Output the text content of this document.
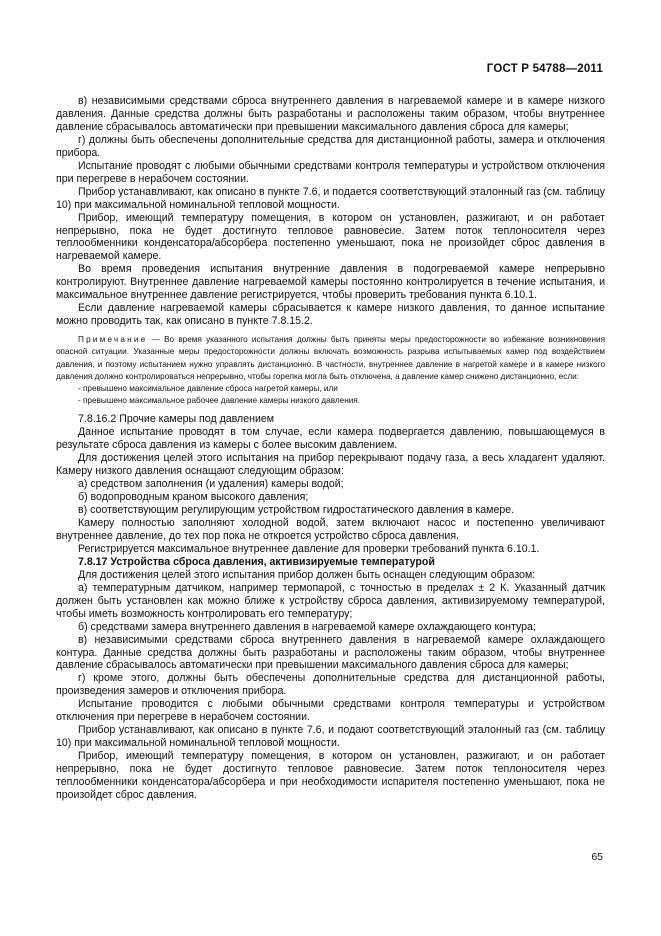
ГОСТ Р 54788—2011

в) независимыми средствами сброса внутреннего давления в нагреваемой камере и в камере низкого давления. Данные средства должны быть разработаны и расположены таким образом, чтобы внутреннее давление сбрасывалось автоматически при превышении максимального давления сброса для камеры;

г) должны быть обеспечены дополнительные средства для дистанционной работы, замера и отключения прибора.

Испытание проводят с любыми обычными средствами контроля температуры и устройством отключения при перегреве в нерабочем состоянии.

Прибор устанавливают, как описано в пункте 7.6, и подается соответствующий эталонный газ (см. таблицу 10) при максимальной номинальной тепловой мощности.

Прибор, имеющий температуру помещения, в котором он установлен, разжигают, и он работает непрерывно, пока не будет достигнуто тепловое равновесие. Затем поток теплоносителя через теплообменники конденсатора/абсорбера постепенно уменьшают, пока не произойдет сброс давления в нагреваемой камере.

Во время проведения испытания внутренние давления в подогреваемой камере непрерывно контролируют. Внутреннее давление нагреваемой камеры постоянно контролируется в течение испытания, и максимальное внутреннее давление регистрируется, чтобы проверить требования пункта 6.10.1.

Если давление нагреваемой камеры сбрасывается к камере низкого давления, то данное испытание можно проводить так, как описано в пункте 7.8.15.2.

Примечание — Во время указанного испытания должны быть приняты меры предосторожности во избежание возникновения опасной ситуации. Указанные меры предосторожности должны включать возможность разрыва испытываемых камер под воздействием давления, и поэтому испытанием нужно управлять дистанционно. В частности, внутреннее давление в нагретой камере и в камере низкого давления должно контролироваться непрерывно, чтобы горелка могла быть отключена, а давление камер снижено дистанционно, если:

- превышено максимальное давление сброса нагретой камеры, или

- превышено максимальное рабочее давление камеры низкого давления.

7.8.16.2 Прочие камеры под давлением

Данное испытание проводят в том случае, если камера подвергается давлению, повышающемуся в результате сброса давления из камеры с более высоким давлением.

Для достижения целей этого испытания на прибор перекрывают подачу газа, а весь хладагент удаляют. Камеру низкого давления оснащают следующим образом:

а) средством заполнения (и удаления) камеры водой;

б) водопроводным краном высокого давления;

в) соответствующим регулирующим устройством гидростатического давления в камере.

Камеру полностью заполняют холодной водой, затем включают насос и постепенно увеличивают внутреннее давление, до тех пор пока не откроется устройство сброса давления.

Регистрируется максимальное внутреннее давление для проверки требований пункта 6.10.1.

7.8.17 Устройства сброса давления, активизируемые температурой

Для достижения целей этого испытания прибор должен быть оснащен следующим образом:

а) температурным датчиком, например термопарой, с точностью в пределах ± 2 К. Указанный датчик должен быть установлен как можно ближе к устройству сброса давления, активизируемому температурой, чтобы иметь возможность контролировать его температуру;

б) средствами замера внутреннего давления в нагреваемой камере охлаждающего контура;

в) независимыми средствами сброса внутреннего давления в нагреваемой камере охлаждающего контура. Данные средства должны быть разработаны и расположены таким образом, чтобы внутреннее давление сбрасывалось автоматически при превышении максимального давления сброса для камеры;

г) кроме этого, должны быть обеспечены дополнительные средства для дистанционной работы, произведения замеров и отключения прибора.

Испытание проводится с любыми обычными средствами контроля температуры и устройством отключения при перегреве в нерабочем состоянии.

Прибор устанавливают, как описано в пункте 7.6, и подают соответствующий эталонный газ (см. таблицу 10) при максимальной номинальной тепловой мощности.

Прибор, имеющий температуру помещения, в котором он установлен, разжигают, и он работает непрерывно, пока не будет достигнуто тепловое равновесие. Затем поток теплоносителя через теплообменники конденсатора/абсорбера и при необходимости испарителя постепенно уменьшают, пока не произойдет сброс давления.

65
